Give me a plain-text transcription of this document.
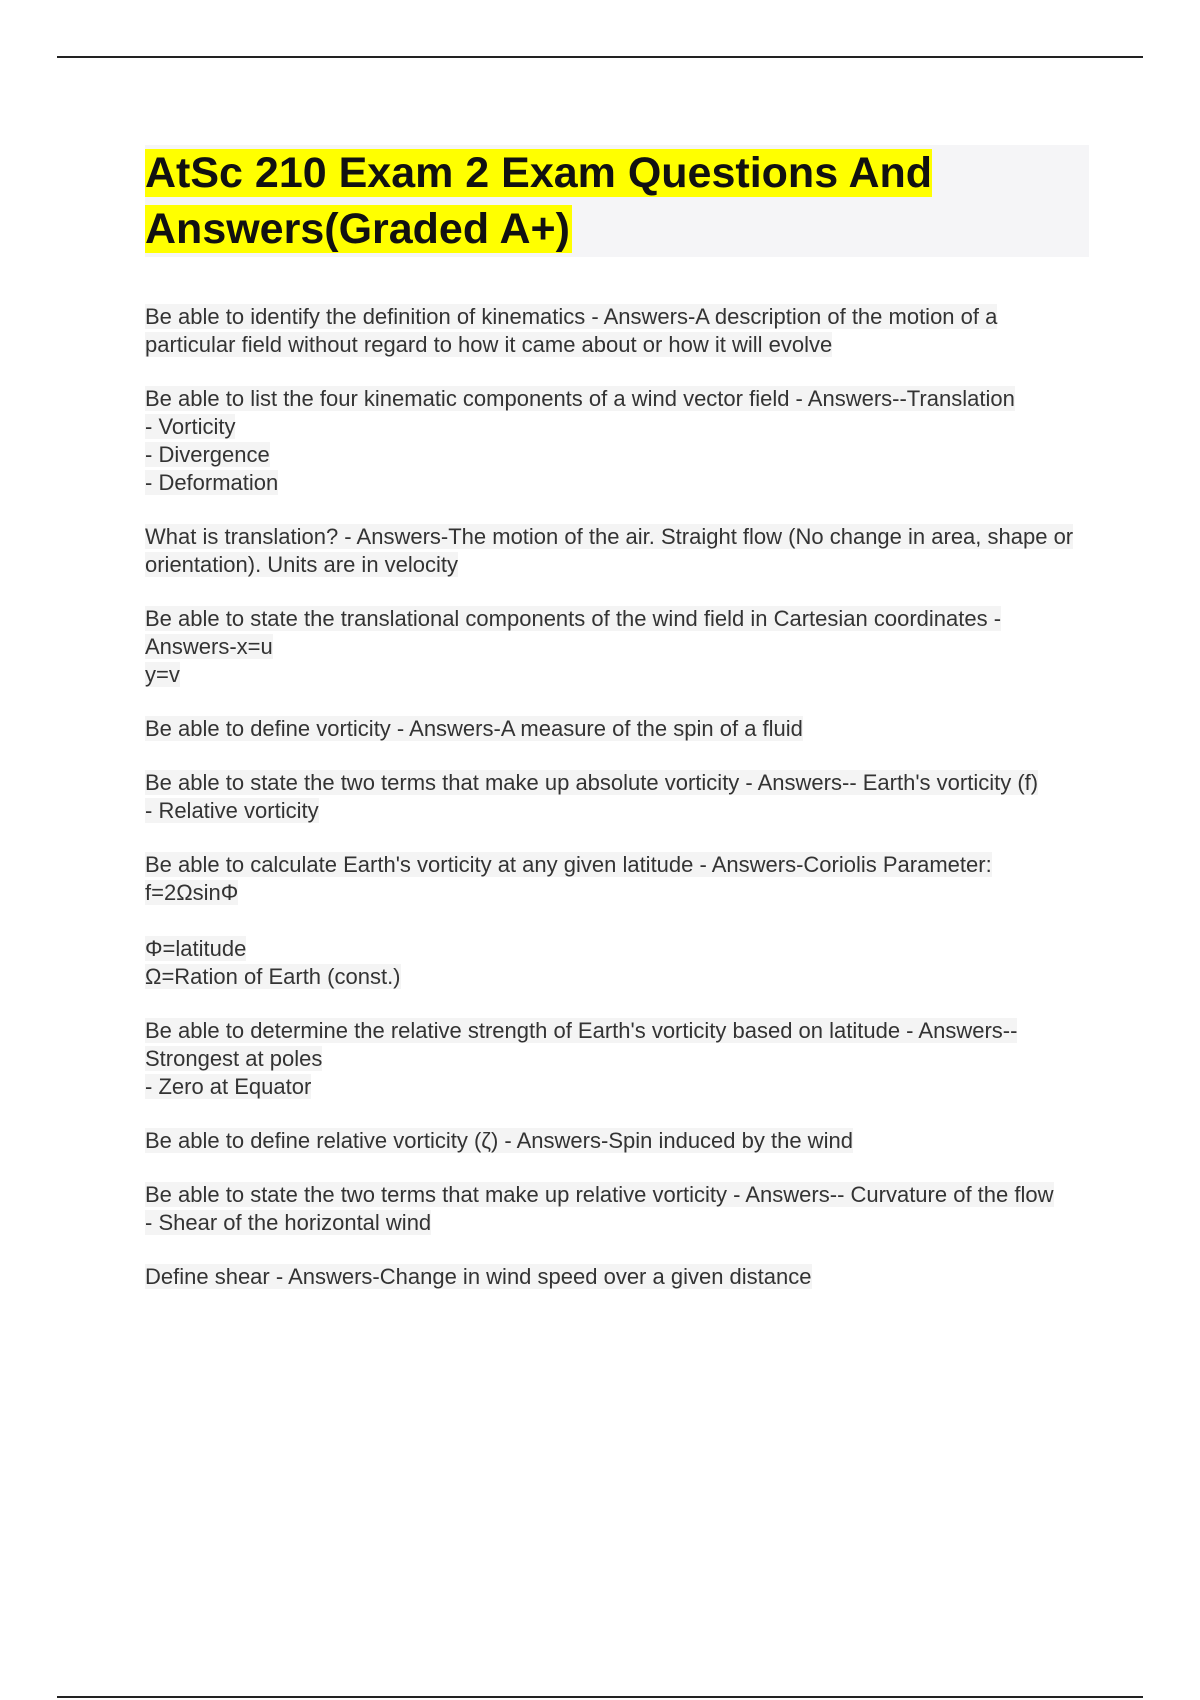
AtSc 210 Exam 2 Exam Questions And Answers(Graded A+)

Be able to identify the definition of kinematics - Answers-A description of the motion of a particular field without regard to how it came about or how it will evolve

Be able to list the four kinematic components of a wind vector field - Answers--Translation

- Vorticity

- Divergence

- Deformation

What is translation? - Answers-The motion of the air. Straight flow (No change in area, shape or orientation). Units are in velocity

Be able to state the translational components of the wind field in Cartesian coordinates - Answers-x=u

y=v

Be able to define vorticity - Answers-A measure of the spin of a fluid

Be able to state the two terms that make up absolute vorticity - Answers-- Earth's vorticity (f)

- Relative vorticity

Be able to calculate Earth's vorticity at any given latitude - Answers-Coriolis Parameter: f=2ΩsinΦ

Φ=latitude

Ω=Ration of Earth (const.)

Be able to determine the relative strength of Earth's vorticity based on latitude - Answers--Strongest at poles

- Zero at Equator

Be able to define relative vorticity (ζ) - Answers-Spin induced by the wind

Be able to state the two terms that make up relative vorticity - Answers-- Curvature of the flow

- Shear of the horizontal wind

Define shear - Answers-Change in wind speed over a given distance
